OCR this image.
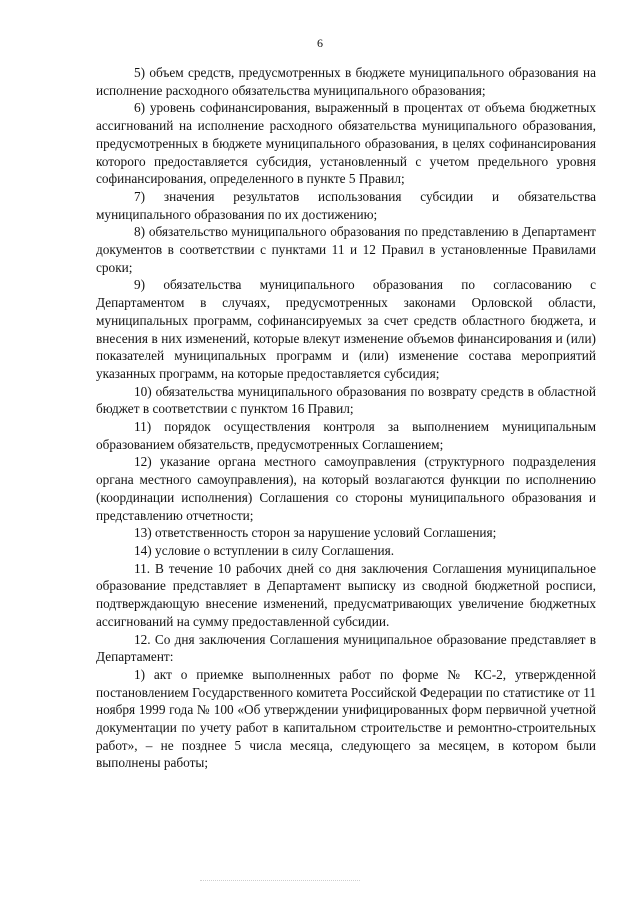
6

5) объем средств, предусмотренных в бюджете муниципального образования на исполнение расходного обязательства муниципального образования;

6) уровень софинансирования, выраженный в процентах от объема бюджетных ассигнований на исполнение расходного обязательства муниципального образования, предусмотренных в бюджете муниципального образования, в целях софинансирования которого предоставляется субсидия, установленный с учетом предельного уровня софинансирования, определенного в пункте 5 Правил;

7) значения результатов использования субсидии и обязательства муниципального образования по их достижению;

8) обязательство муниципального образования по представлению в Департамент документов в соответствии с пунктами 11 и 12 Правил в установленные Правилами сроки;

9) обязательства муниципального образования по согласованию с Департаментом в случаях, предусмотренных законами Орловской области, муниципальных программ, софинансируемых за счет средств областного бюджета, и внесения в них изменений, которые влекут изменение объемов финансирования и (или) показателей муниципальных программ и (или) изменение состава мероприятий указанных программ, на которые предоставляется субсидия;

10) обязательства муниципального образования по возврату средств в областной бюджет в соответствии с пунктом 16 Правил;

11) порядок осуществления контроля за выполнением муниципальным образованием обязательств, предусмотренных Соглашением;

12) указание органа местного самоуправления (структурного подразделения органа местного самоуправления), на который возлагаются функции по исполнению (координации исполнения) Соглашения со стороны муниципального образования и представлению отчетности;

13) ответственность сторон за нарушение условий Соглашения;

14) условие о вступлении в силу Соглашения.

11. В течение 10 рабочих дней со дня заключения Соглашения муниципальное образование представляет в Департамент выписку из сводной бюджетной росписи, подтверждающую внесение изменений, предусматривающих увеличение бюджетных ассигнований на сумму предоставленной субсидии.

12. Со дня заключения Соглашения муниципальное образование представляет в Департамент:

1) акт о приемке выполненных работ по форме № КС-2, утвержденной постановлением Государственного комитета Российской Федерации по статистике от 11 ноября 1999 года № 100 «Об утверждении унифицированных форм первичной учетной документации по учету работ в капитальном строительстве и ремонтно-строительных работ», – не позднее 5 числа месяца, следующего за месяцем, в котором были выполнены работы;
